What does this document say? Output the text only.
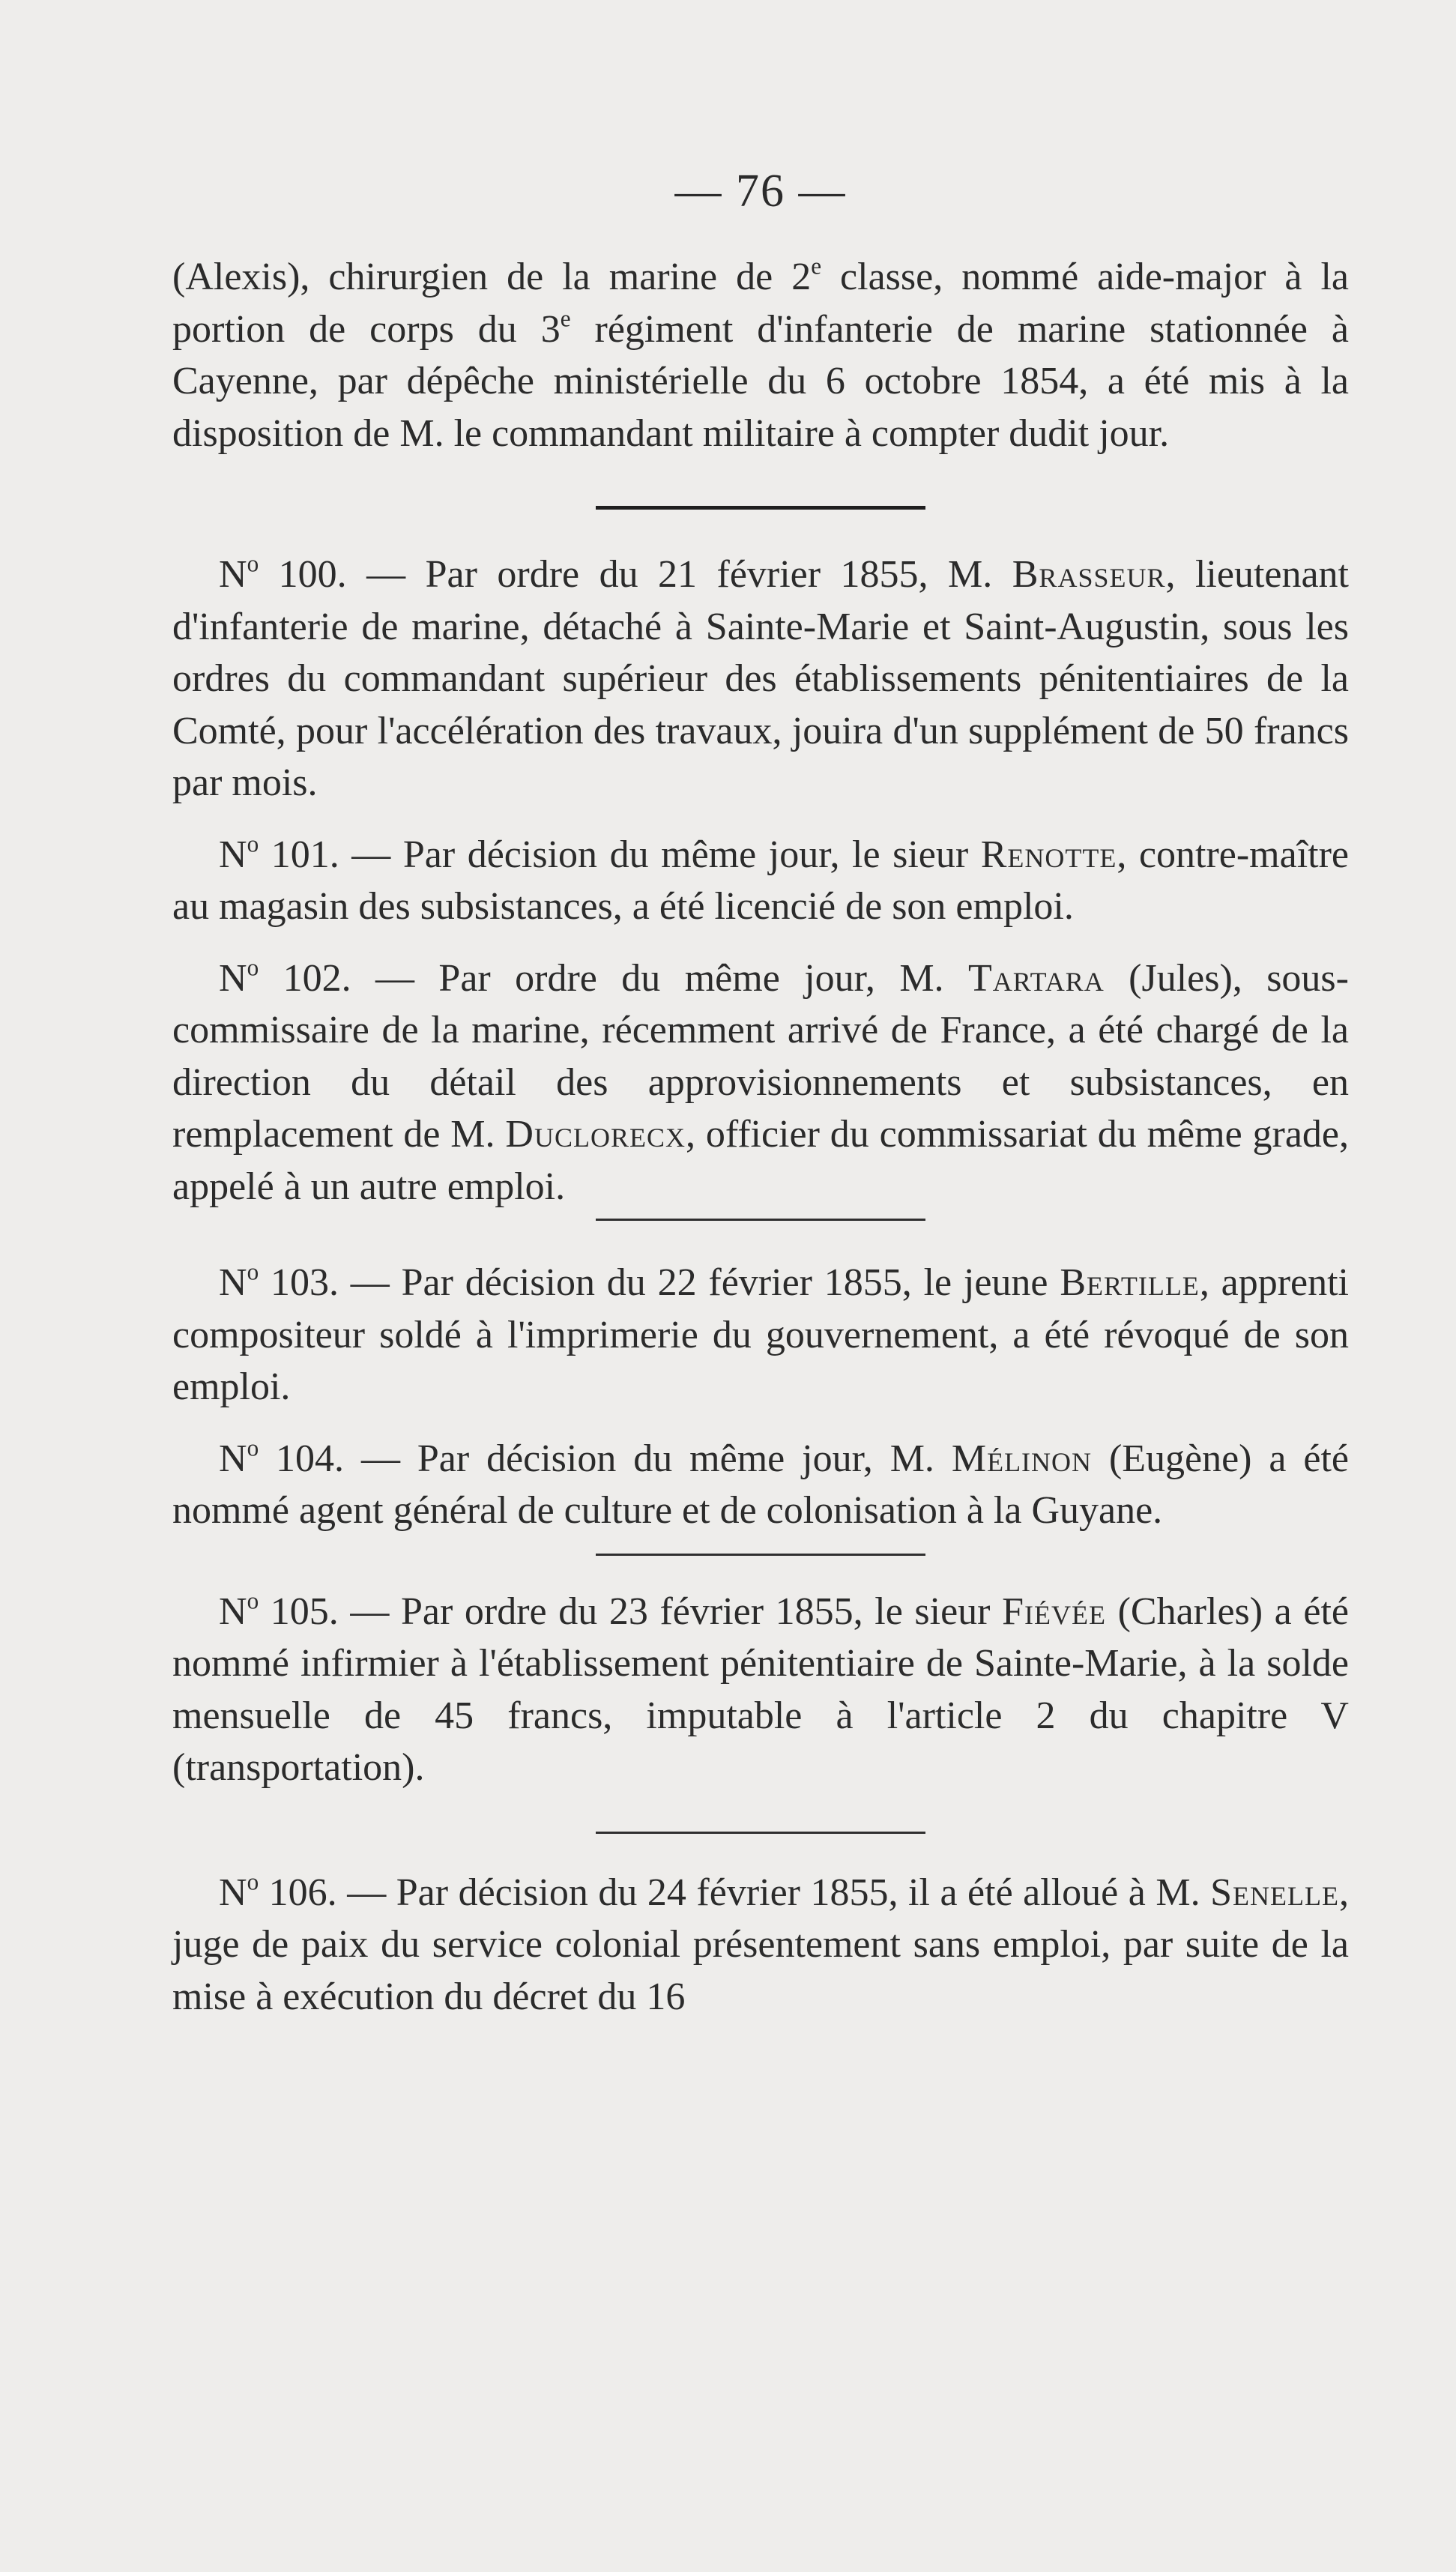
— 76 —

(Alexis), chirurgien de la marine de 2e classe, nommé aide-major à la portion de corps du 3e régiment d'infanterie de marine stationnée à Cayenne, par dépêche ministérielle du 6 octobre 1854, a été mis à la disposition de M. le commandant militaire à compter dudit jour.

$N^o$ 100. — Par ordre du 21 février 1855, M. Brasseur, lieutenant d'infanterie de marine, détaché à Sainte-Marie et Saint-Augustin, sous les ordres du commandant supérieur des établissements pénitentiaires de la Comté, pour l'accélération des travaux, jouira d'un supplément de 50 francs par mois.

$N^o$ 101. — Par décision du même jour, le sieur Renotte, contre-maître au magasin des subsistances, a été licencié de son emploi.

$N^o$ 102. — Par ordre du même jour, M. Tartara (Jules), sous-commissaire de la marine, récemment arrivé de France, a été chargé de la direction du détail des approvisionnements et subsistances, en remplacement de M. Duclorecx, officier du commissariat du même grade, appelé à un autre emploi.

$N^o$ 103. — Par décision du 22 février 1855, le jeune Bertille, apprenti compositeur soldé à l'imprimerie du gouvernement, a été révoqué de son emploi.

$N^o$ 104. — Par décision du même jour, M. Mélinon (Eugène) a été nommé agent général de culture et de colonisation à la Guyane.

$N^o$ 105. — Par ordre du 23 février 1855, le sieur Fiévée (Charles) a été nommé infirmier à l'établissement pénitentiaire de Sainte-Marie, à la solde mensuelle de 45 francs, imputable à l'article 2 du chapitre V (transportation).

$N^o$ 106. — Par décision du 24 février 1855, il a été alloué à M. Senelle, juge de paix du service colonial présentement sans emploi, par suite de la mise à exécution du décret du 16
